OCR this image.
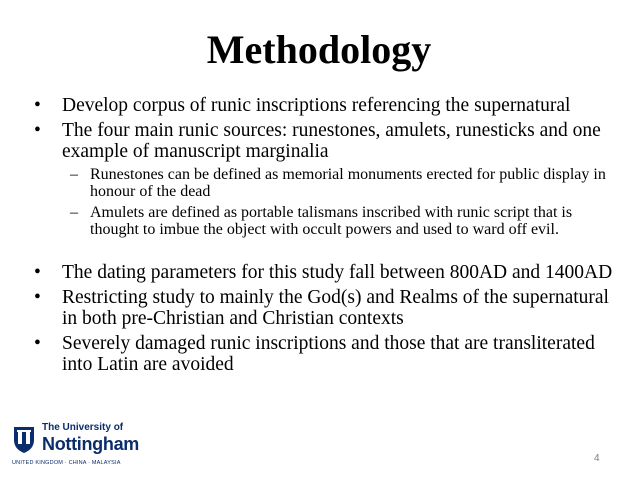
Methodology
• Develop corpus of runic inscriptions referencing the supernatural
• The four main runic sources: runestones, amulets, runesticks and one example of manuscript marginalia
– Runestones can be defined as memorial monuments erected for public display in honour of the dead
– Amulets are defined as portable talismans inscribed with runic script that is thought to imbue the object with occult powers and used to ward off evil.
• The dating parameters for this study fall between 800AD and 1400AD
• Restricting study to mainly the God(s) and Realms of the supernatural in both pre-Christian and Christian contexts
• Severely damaged runic inscriptions and those that are transliterated into Latin are avoided
The University of
Nottingham
UNITED KINGDOM · CHINA · MALAYSIA	4
